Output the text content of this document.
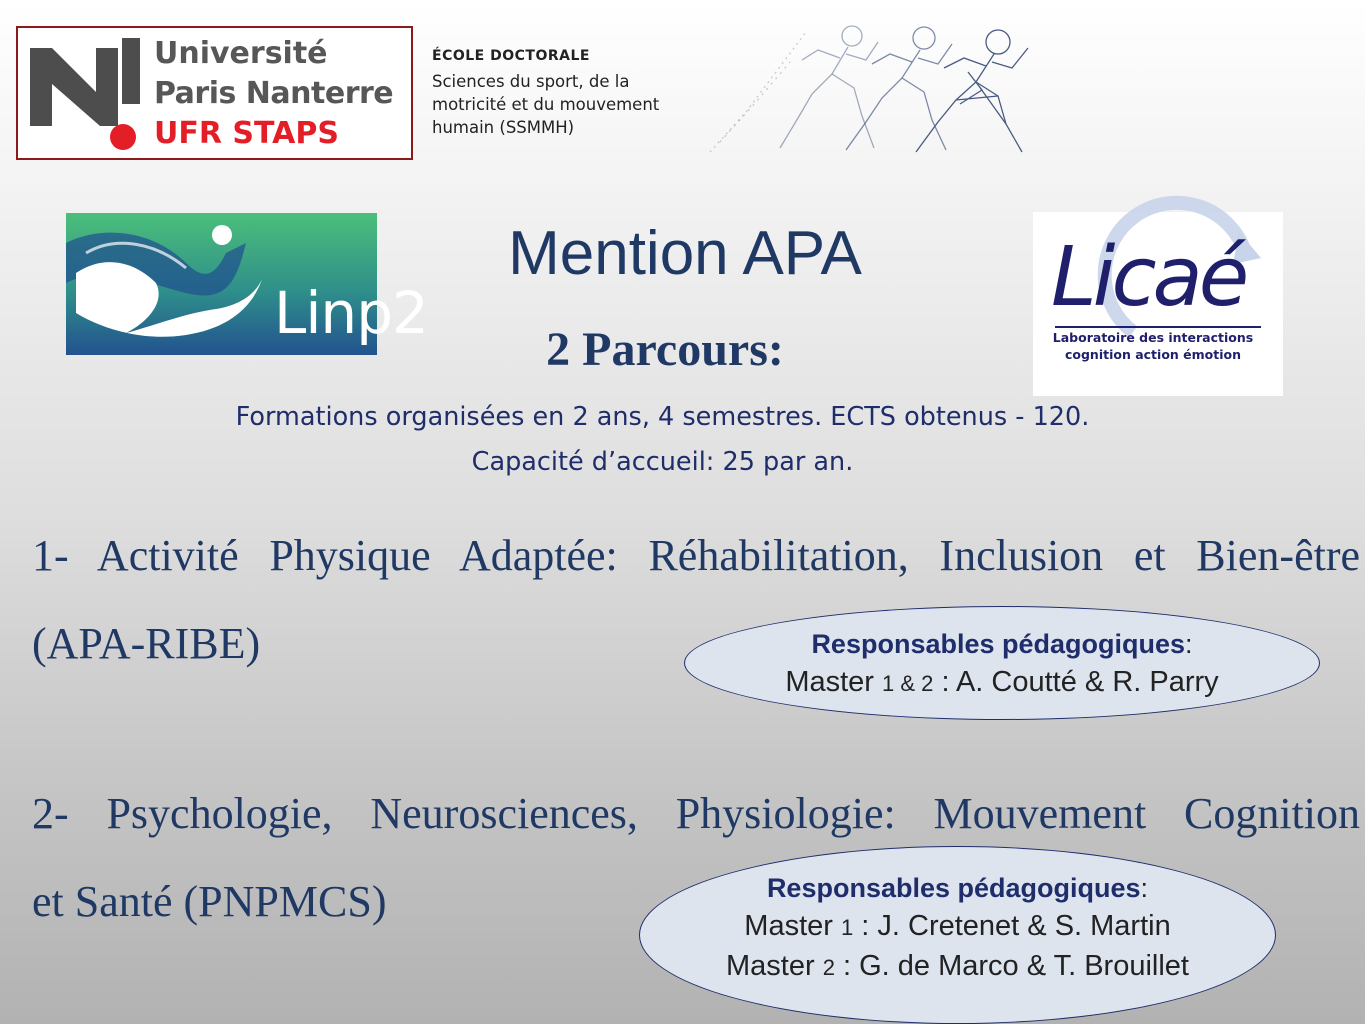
Université
Paris Nanterre
UFR STAPS
ÉCOLE DOCTORALE
Sciences du sport, de la
motricité et du mouvement
humain (SSMMH)
Linp2	Licaé
Laboratoire des interactions
cognition action émotion
Mention APA
2 Parcours:
Formations organisées en 2 ans, 4 semestres. ECTS obtenus - 120.
Capacité d’accueil: 25 par an.
1- Activité Physique Adaptée: Réhabilitation, Inclusion et Bien-être
(APA-RIBE)	Responsables pédagogiques:
Master 1 & 2 : A. Coutté & R. Parry
2- Psychologie, Neurosciences, Physiologie: Mouvement Cognition
et Santé (PNPMCS)	Responsables pédagogiques:
Master 1 : J. Cretenet & S. Martin
Master 2 : G. de Marco & T. Brouillet
